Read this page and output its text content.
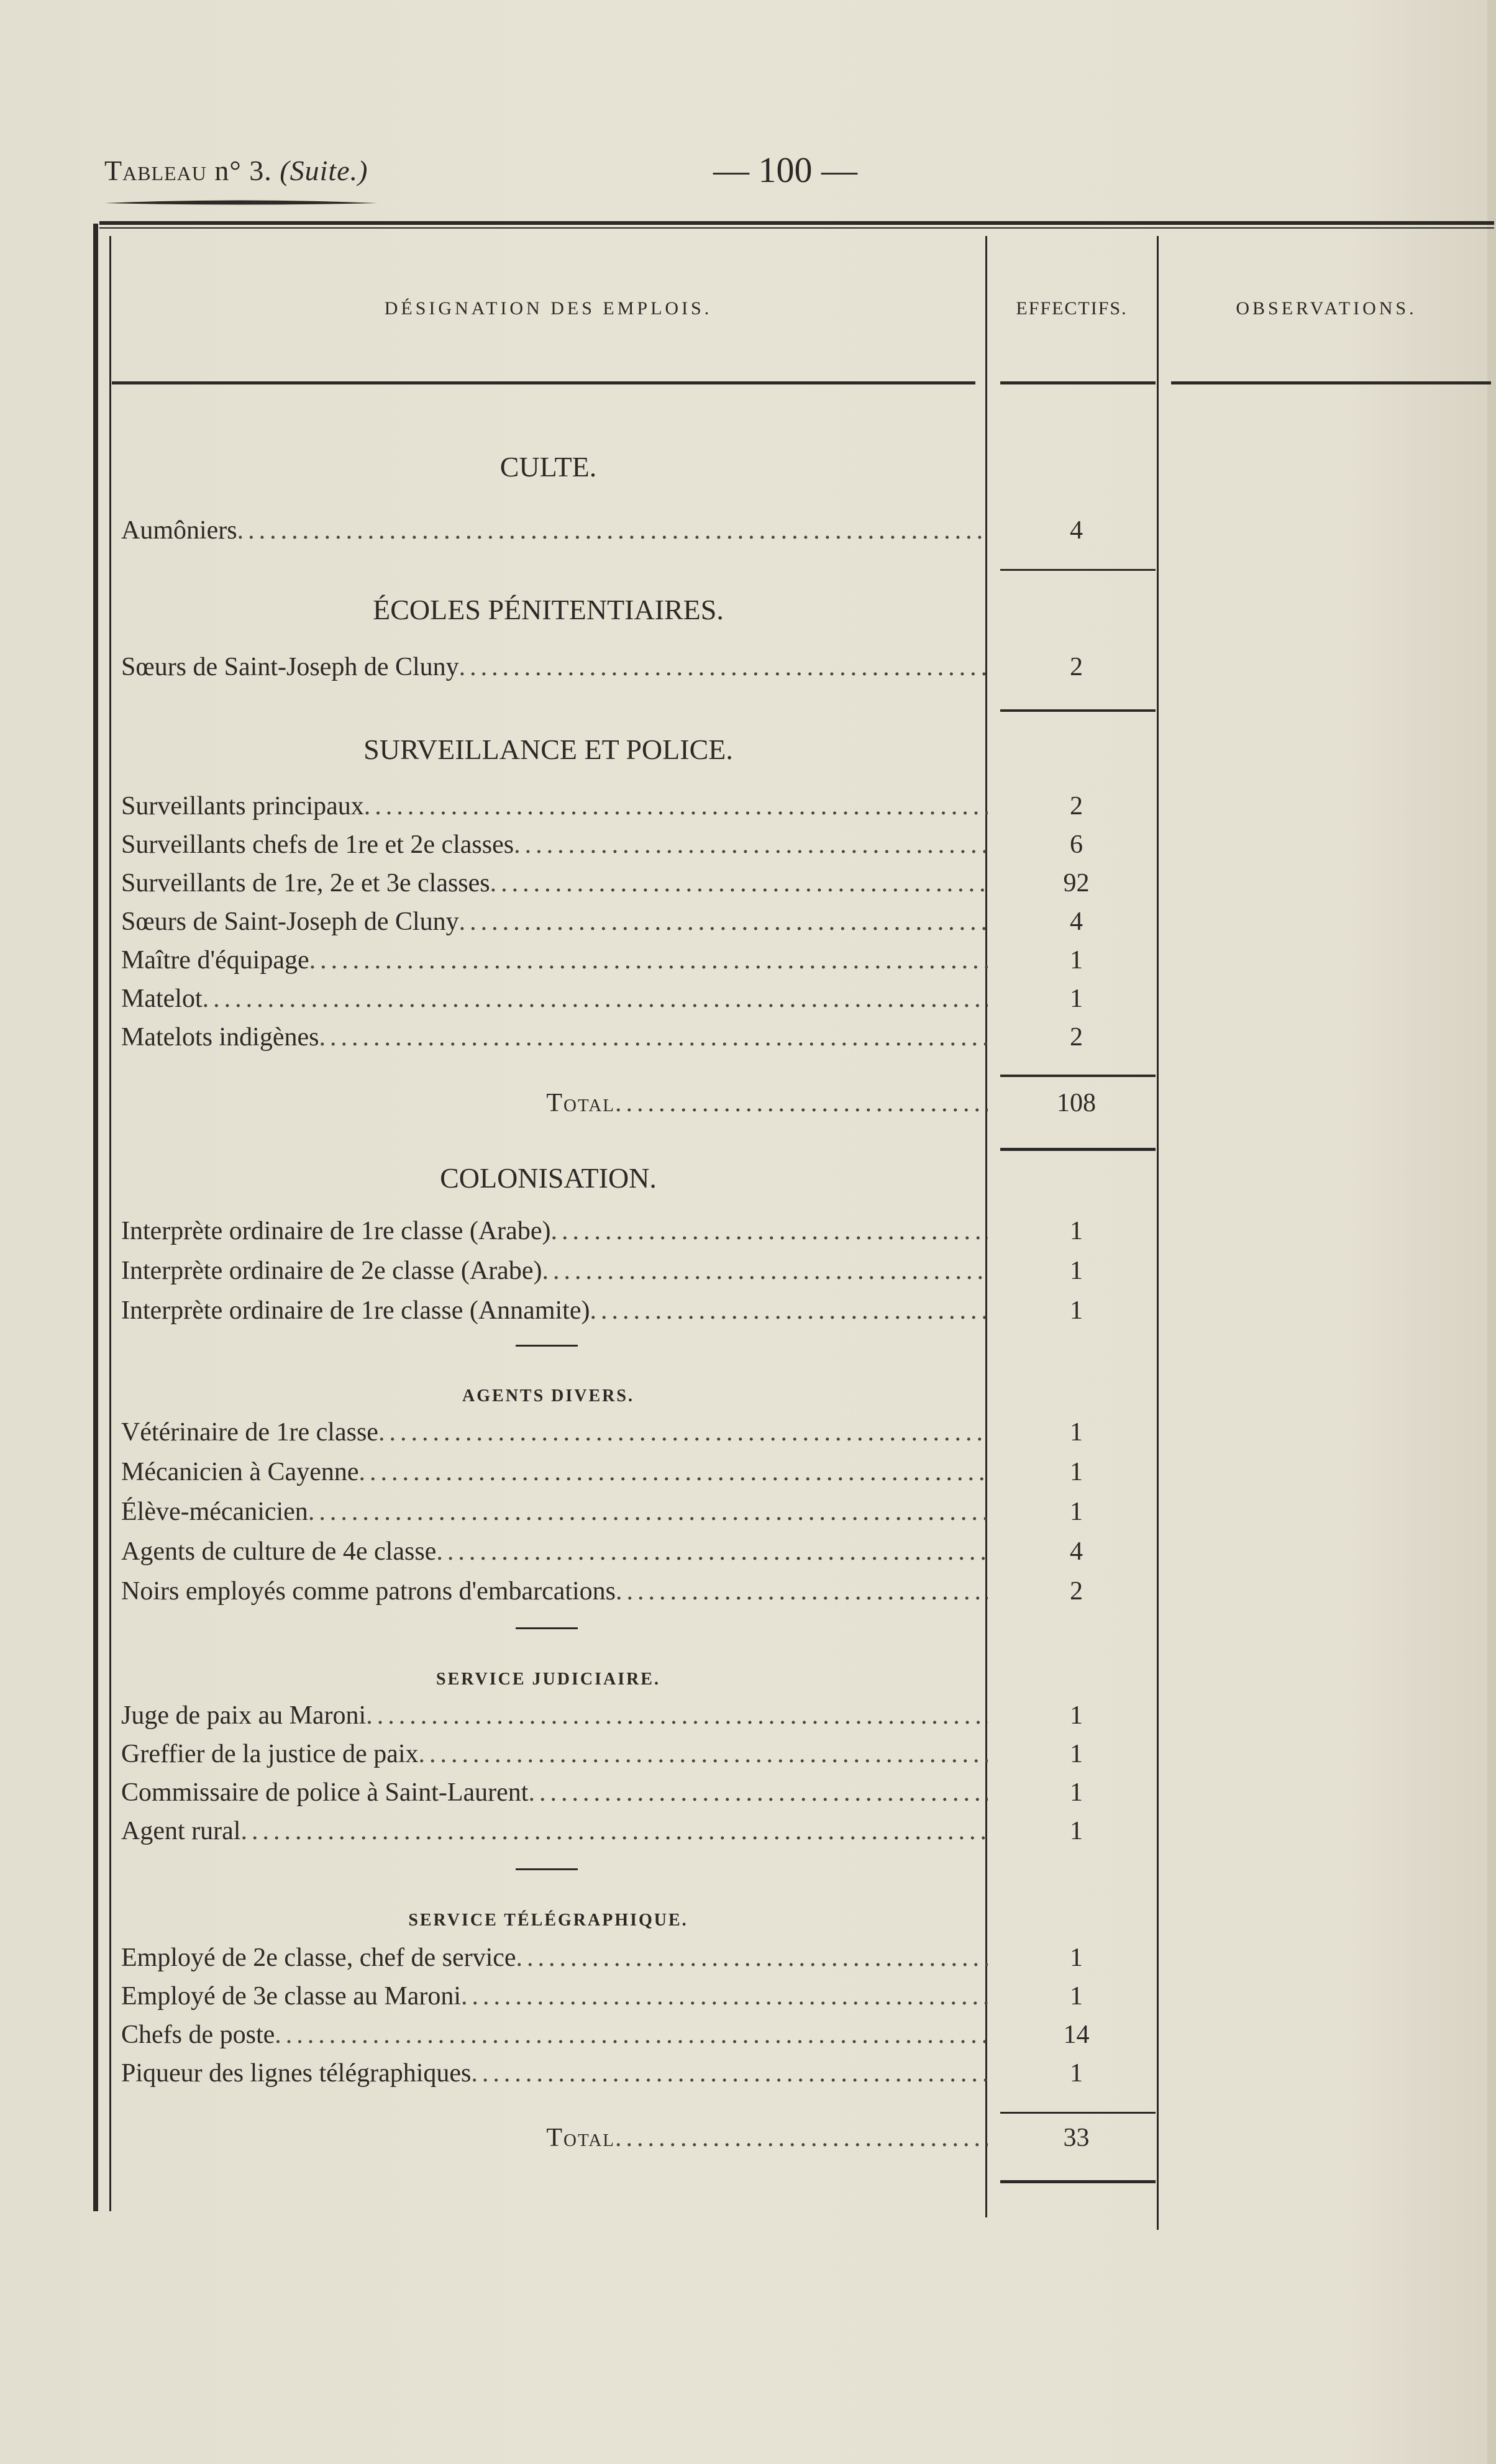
Tableau n° 3. (Suite.)	— 100 —
DÉSIGNATION DES EMPLOIS.	EFFECTIFS.	OBSERVATIONS.
CULTE.
Aumôniers .....	4
ÉCOLES PÉNITENTIAIRES.
Sœurs de Saint-Joseph de Cluny .....	2
SURVEILLANCE ET POLICE.
Surveillants principaux .....	2
Surveillants chefs de 1re et 2e classes .....	6
Surveillants de 1re, 2e et 3e classes .....	92
Sœurs de Saint-Joseph de Cluny .....	4
Maître d'équipage .....	1
Matelot .....	1
Matelots indigènes .....	2
Total .....	108
COLONISATION.
Interprète ordinaire de 1re classe (Arabe) .....	1
Interprète ordinaire de 2e classe (Arabe) .....	1
Interprète ordinaire de 1re classe (Annamite) .....	1
AGENTS DIVERS.
Vétérinaire de 1re classe .....	1
Mécanicien à Cayenne .....	1
Élève-mécanicien .....	1
Agents de culture de 4e classe .....	4
Noirs employés comme patrons d'embarcations .....	2
SERVICE JUDICIAIRE.
Juge de paix au Maroni .....	1
Greffier de la justice de paix .....	1
Commissaire de police à Saint-Laurent .....	1
Agent rural .....	1
SERVICE TÉLÉGRAPHIQUE.
Employé de 2e classe, chef de service .....	1
Employé de 3e classe au Maroni .....	1
Chefs de poste .....	14
Piqueur des lignes télégraphiques .....	1
Total .....	33
